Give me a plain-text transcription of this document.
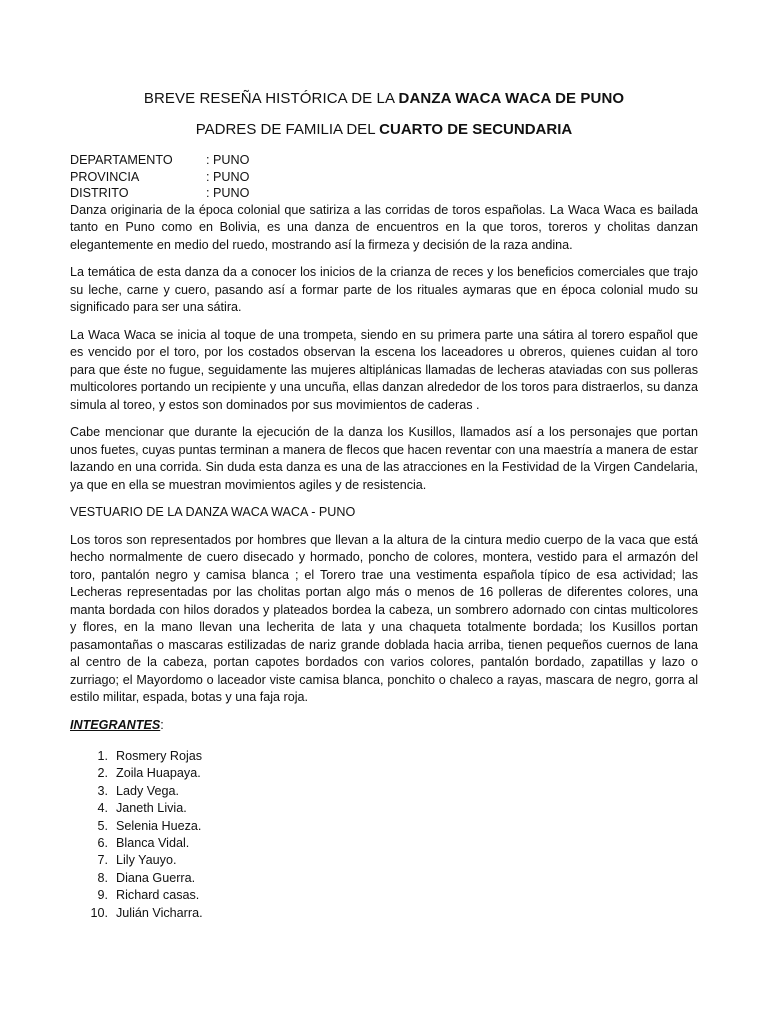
BREVE RESEÑA HISTÓRICA DE LA DANZA WACA WACA DE PUNO
PADRES DE FAMILIA DEL CUARTO DE SECUNDARIA
DEPARTAMENTO	: PUNO
PROVINCIA	: PUNO
DISTRITO	: PUNO

Danza originaria de la época colonial que satiriza a las corridas de toros españolas. La Waca Waca es bailada tanto en Puno como en Bolivia, es una danza de encuentros en la que toros, toreros y cholitas danzan elegantemente en medio del ruedo, mostrando así la firmeza y decisión de la raza andina.

La temática de esta danza da a conocer los inicios de la crianza de reces y los beneficios comerciales que trajo su leche, carne y cuero, pasando así a formar parte de los rituales aymaras que en época colonial mudo su significado para ser una sátira.

La Waca Waca se inicia al toque de una trompeta, siendo en su primera parte una sátira al torero español que es vencido por el toro, por los costados observan la escena los laceadores u obreros, quienes cuidan al toro para que éste no fugue, seguidamente las mujeres altiplánicas llamadas de lecheras ataviadas con sus polleras multicolores portando un recipiente y una uncuña, ellas danzan alrededor de los toros para distraerlos, su danza simula al toreo, y estos son dominados por sus movimientos de caderas .

Cabe mencionar que durante la ejecución de la danza los Kusillos, llamados así a los personajes que portan unos fuetes, cuyas puntas terminan a manera de flecos que hacen reventar con una maestría a manera de estar lazando en una corrida. Sin duda esta danza es una de las atracciones en la Festividad de la Virgen Candelaria, ya que en ella se muestran movimientos agiles y de resistencia.

VESTUARIO DE LA DANZA WACA WACA - PUNO

Los toros son representados por hombres que llevan a la altura de la cintura medio cuerpo de la vaca que está hecho normalmente de cuero disecado y hormado, poncho de colores, montera, vestido para el armazón del toro, pantalón negro y camisa blanca ; el Torero trae una vestimenta española típico de esa actividad; las Lecheras representadas por las cholitas portan algo más o menos de 16 polleras de diferentes colores, una manta bordada con hilos dorados y plateados bordea la cabeza, un sombrero adornado con cintas multicolores y flores, en la mano llevan una lecherita de lata y una chaqueta totalmente bordada; los Kusillos portan pasamontañas o mascaras estilizadas de nariz grande doblada hacia arriba, tienen pequeños cuernos de lana al centro de la cabeza, portan capotes bordados con varios colores, pantalón bordado, zapatillas y lazo o zurriago; el Mayordomo o laceador viste camisa blanca, ponchito o chaleco a rayas, mascara de negro, gorra al estilo militar, espada, botas y una faja roja.

INTEGRANTES:
1. Rosmery Rojas
2. Zoila Huapaya.
3. Lady Vega.
4. Janeth Livia.
5. Selenia Hueza.
6. Blanca Vidal.
7. Lily Yauyo.
8. Diana Guerra.
9. Richard casas.
10. Julián Vicharra.
